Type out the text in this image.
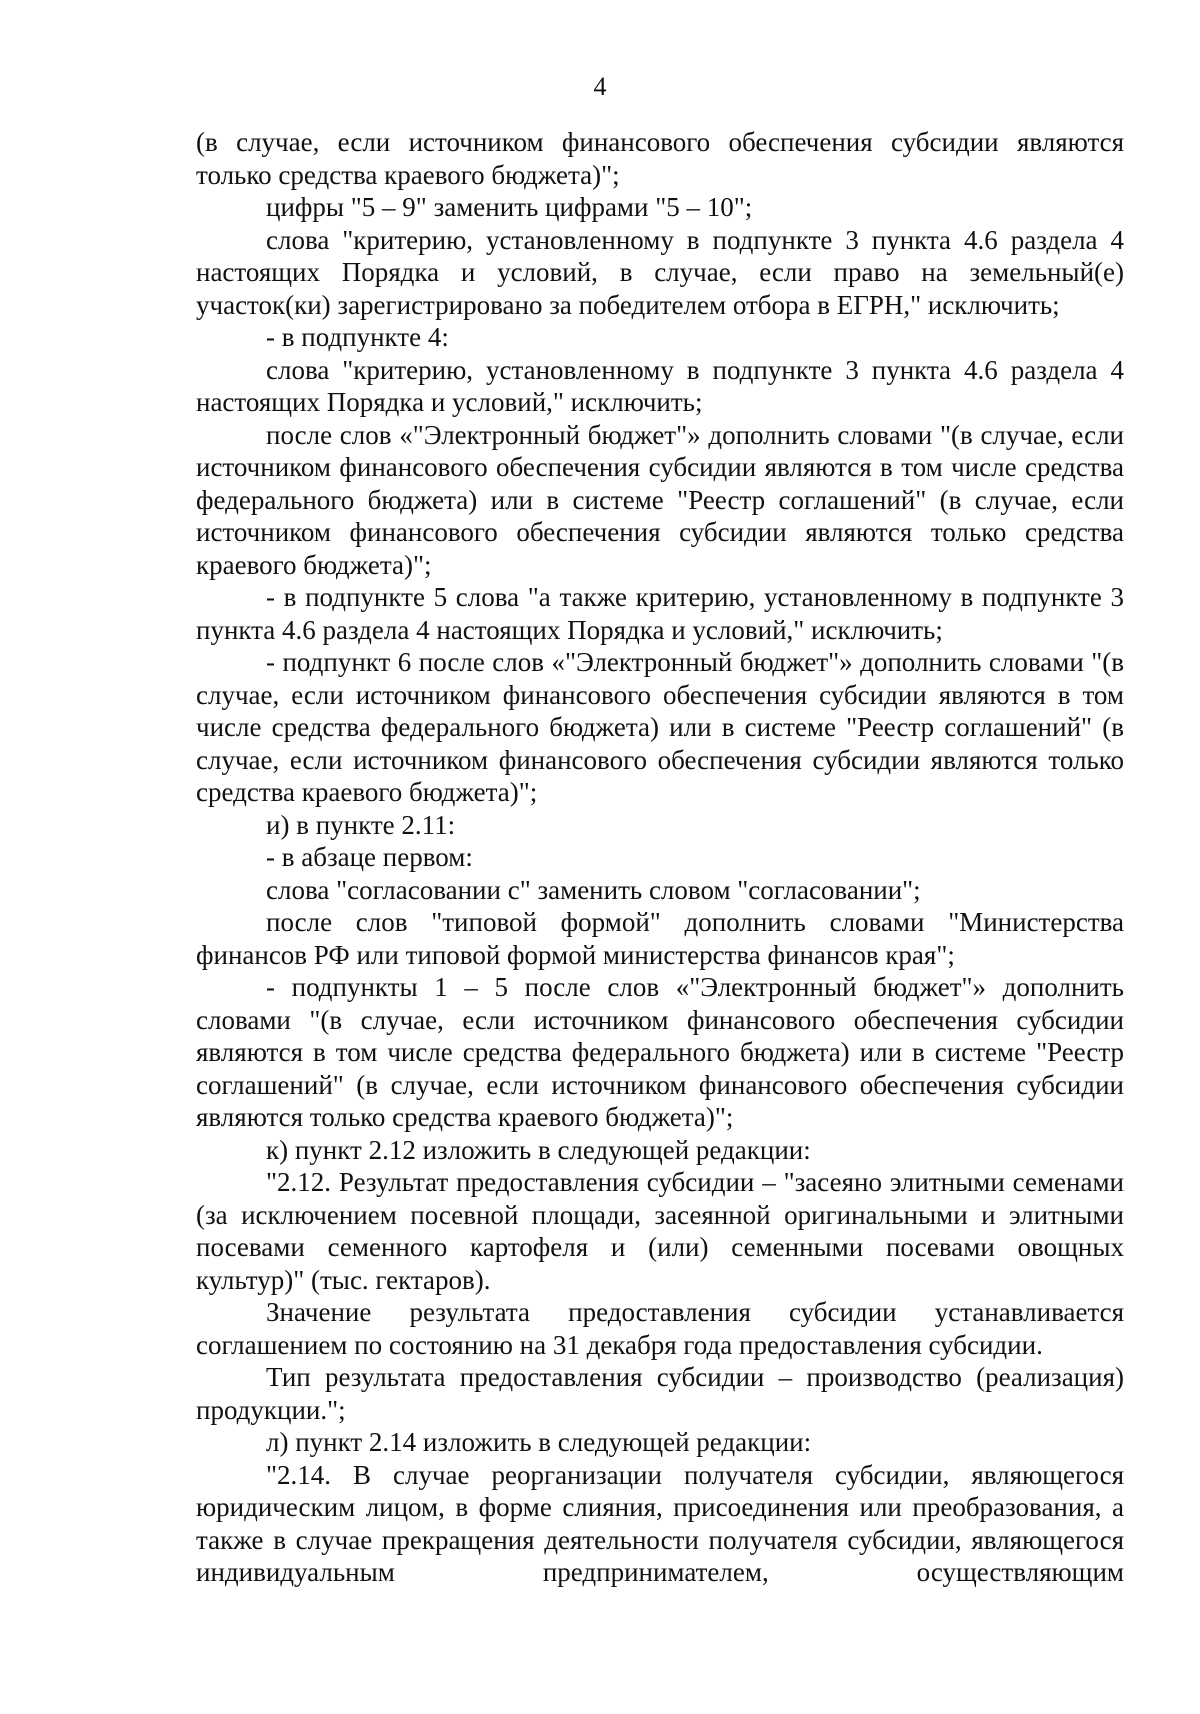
4

(в случае, если источником финансового обеспечения субсидии являются только средства краевого бюджета)";

цифры "5 – 9" заменить цифрами "5 – 10";

слова "критерию, установленному в подпункте 3 пункта 4.6 раздела 4 настоящих Порядка и условий, в случае, если право на земельный(е) участок(ки) зарегистрировано за победителем отбора в ЕГРН," исключить;

- в подпункте 4:

слова "критерию, установленному в подпункте 3 пункта 4.6 раздела 4 настоящих Порядка и условий," исключить;

после слов «"Электронный бюджет"» дополнить словами "(в случае, если источником финансового обеспечения субсидии являются в том числе средства федерального бюджета) или в системе "Реестр соглашений" (в случае, если источником финансового обеспечения субсидии являются только средства краевого бюджета)";

- в подпункте 5 слова "а также критерию, установленному в подпункте 3 пункта 4.6 раздела 4 настоящих Порядка и условий," исключить;

- подпункт 6 после слов «"Электронный бюджет"» дополнить словами "(в случае, если источником финансового обеспечения субсидии являются в том числе средства федерального бюджета) или в системе "Реестр соглашений" (в случае, если источником финансового обеспечения субсидии являются только средства краевого бюджета)";

и) в пункте 2.11:

- в абзаце первом:

слова "согласовании с" заменить словом "согласовании";

после слов "типовой формой" дополнить словами "Министерства финансов РФ или типовой формой министерства финансов края";

- подпункты 1 – 5 после слов «"Электронный бюджет"» дополнить словами "(в случае, если источником финансового обеспечения субсидии являются в том числе средства федерального бюджета) или в системе "Реестр соглашений" (в случае, если источником финансового обеспечения субсидии являются только средства краевого бюджета)";

к) пункт 2.12 изложить в следующей редакции:

"2.12. Результат предоставления субсидии – "засеяно элитными семенами (за исключением посевной площади, засеянной оригинальными и элитными посевами семенного картофеля и (или) семенными посевами овощных культур)" (тыс. гектаров).

Значение результата предоставления субсидии устанавливается соглашением по состоянию на 31 декабря года предоставления субсидии.

Тип результата предоставления субсидии – производство (реализация) продукции.";

л) пункт 2.14 изложить в следующей редакции:

"2.14. В случае реорганизации получателя субсидии, являющегося юридическим лицом, в форме слияния, присоединения или преобразования, а также в случае прекращения деятельности получателя субсидии, являющегося индивидуальным предпринимателем, осуществляющим
